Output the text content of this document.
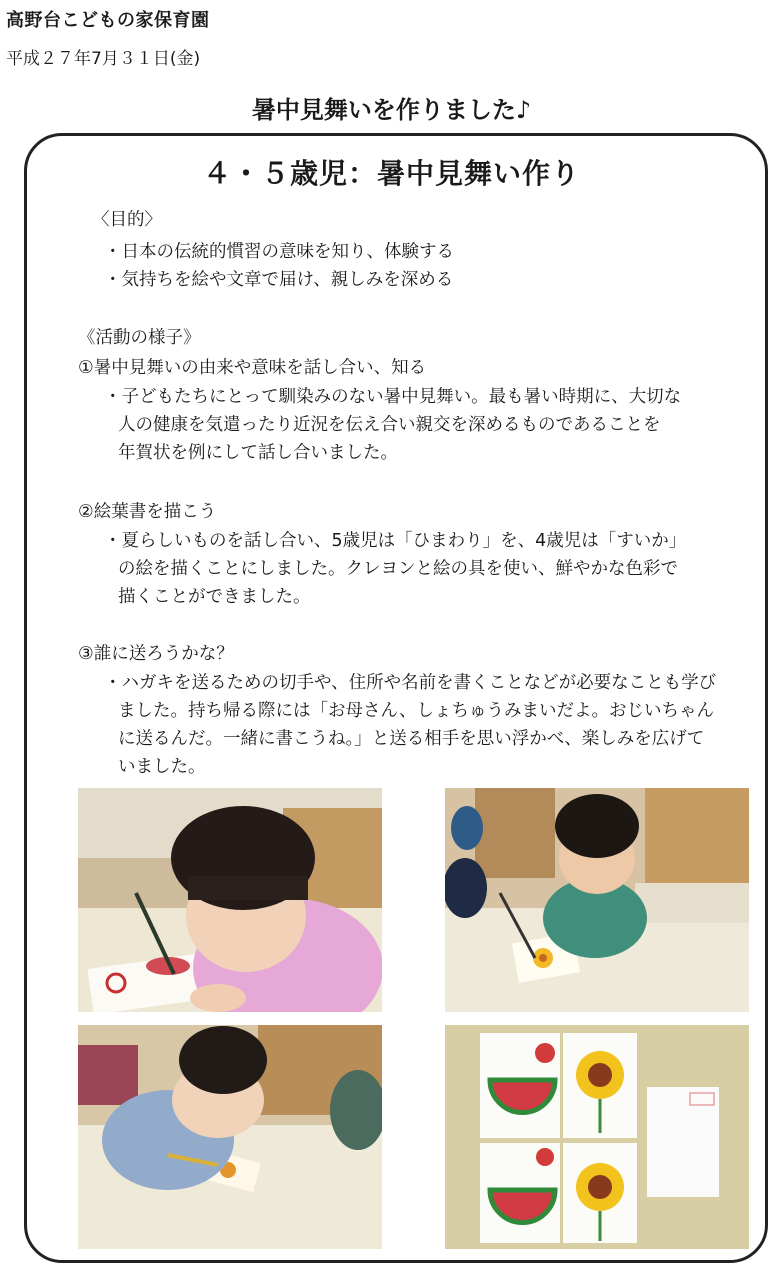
高野台こどもの家保育園
平成２７年7月３１日(金)
暑中見舞いを作りました♪
４・５歳児：暑中見舞い作り
〈目的〉
・日本の伝統的慣習の意味を知り、体験する
・気持ちを絵や文章で届け、親しみを深める
《活動の様子》
①暑中見舞いの由来や意味を話し合い、知る
・子どもたちにとって馴染みのない暑中見舞い。最も暑い時期に、大切な
人の健康を気遣ったり近況を伝え合い親交を深めるものであることを
年賀状を例にして話し合いました。
②絵葉書を描こう
・夏らしいものを話し合い、5歳児は「ひまわり」を、4歳児は「すいか」
の絵を描くことにしました。クレヨンと絵の具を使い、鮮やかな色彩で
描くことができました。
③誰に送ろうかな？
・ハガキを送るための切手や、住所や名前を書くことなどが必要なことも学び
ました。持ち帰る際には「お母さん、しょちゅうみまいだよ。おじいちゃん
に送るんだ。一緒に書こうね。」と送る相手を思い浮かべ、楽しみを広げて
いました。
